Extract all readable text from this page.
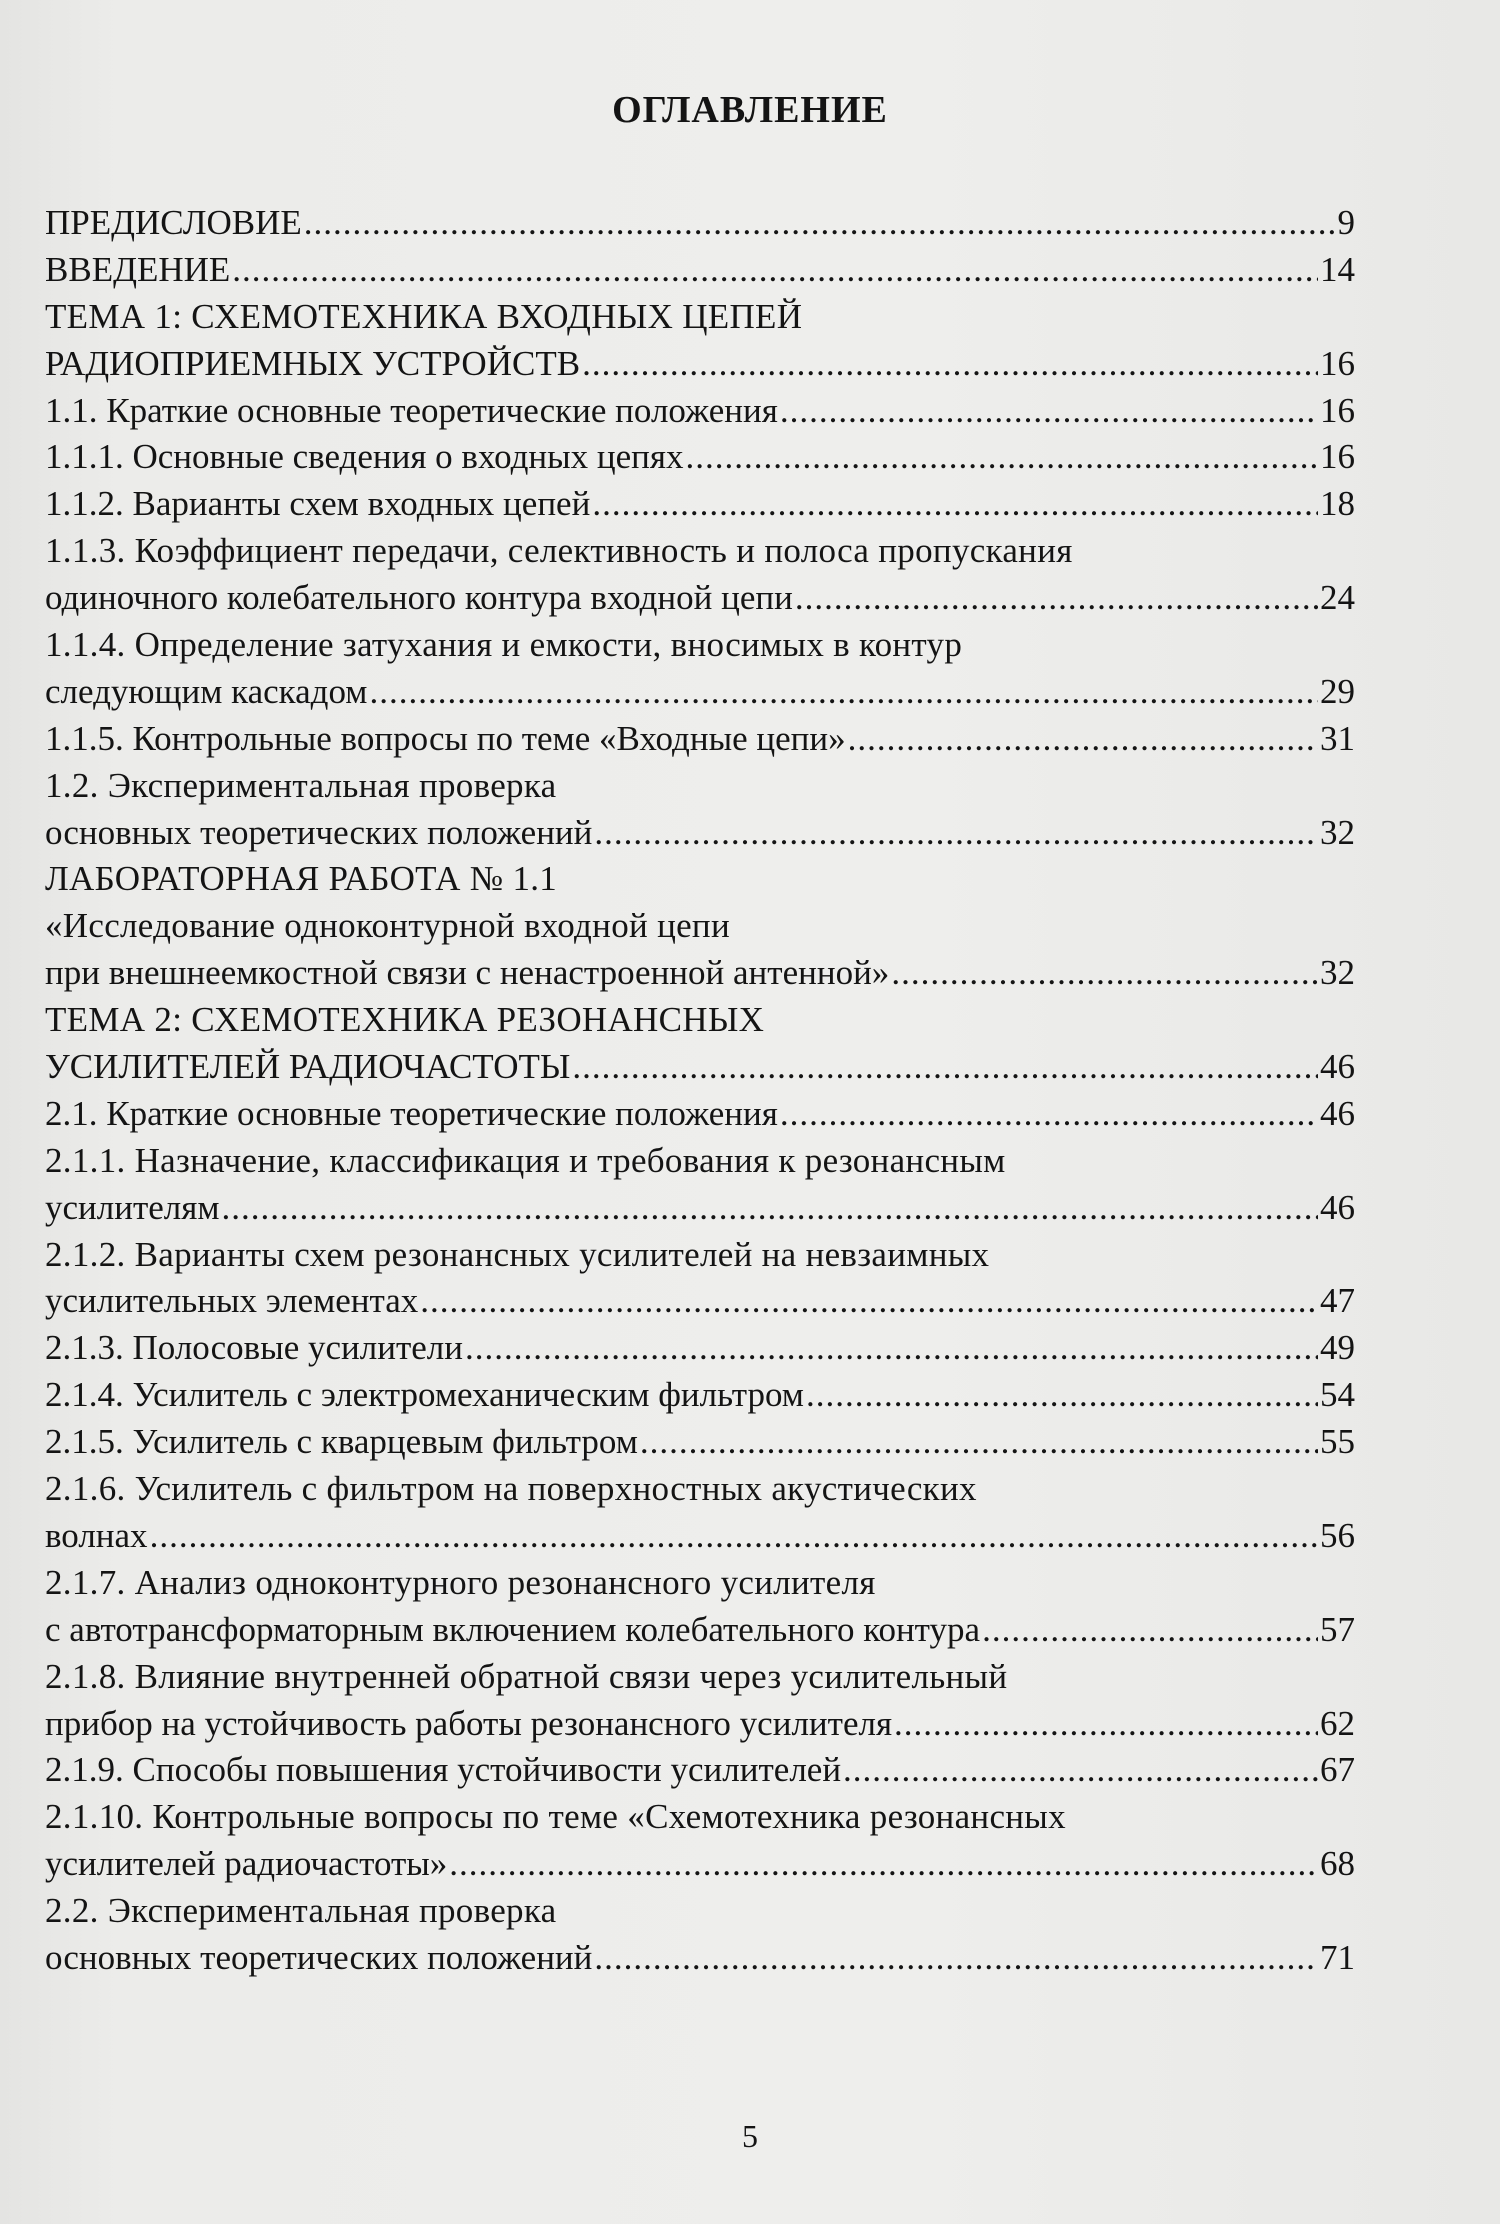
ОГЛАВЛЕНИЕ
ПРЕДИСЛОВИЕ .....	9
ВВЕДЕНИЕ .....	14
ТЕМА 1: СХЕМОТЕХНИКА ВХОДНЫХ ЦЕПЕЙ
РАДИОПРИЕМНЫХ УСТРОЙСТВ .....	16
1.1. Краткие основные теоретические положения .....	16
1.1.1. Основные сведения о входных цепях .....	16
1.1.2. Варианты схем входных цепей .....	18
1.1.3. Коэффициент передачи, селективность и полоса пропускания
одиночного колебательного контура входной цепи .....	24
1.1.4. Определение затухания и емкости, вносимых в контур
следующим каскадом .....	29
1.1.5. Контрольные вопросы по теме «Входные цепи» .....	31
1.2. Экспериментальная проверка
основных теоретических положений .....	32
ЛАБОРАТОРНАЯ РАБОТА № 1.1
«Исследование одноконтурной входной цепи
при внешнеемкостной связи с ненастроенной антенной» .....	32
ТЕМА 2: СХЕМОТЕХНИКА РЕЗОНАНСНЫХ
УСИЛИТЕЛЕЙ РАДИОЧАСТОТЫ .....	46
2.1. Краткие основные теоретические положения .....	46
2.1.1. Назначение, классификация и требования к резонансным
усилителям .....	46
2.1.2. Варианты схем резонансных усилителей на невзаимных
усилительных элементах .....	47
2.1.3. Полосовые усилители .....	49
2.1.4. Усилитель с электромеханическим фильтром .....	54
2.1.5. Усилитель с кварцевым фильтром .....	55
2.1.6. Усилитель с фильтром на поверхностных акустических
волнах .....	56
2.1.7. Анализ одноконтурного резонансного усилителя
с автотрансформаторным включением колебательного контура .....	57
2.1.8. Влияние внутренней обратной связи через усилительный
прибор на устойчивость работы резонансного усилителя .....	62
2.1.9. Способы повышения устойчивости усилителей .....	67
2.1.10. Контрольные вопросы по теме «Схемотехника резонансных
усилителей радиочастоты» .....	68
2.2. Экспериментальная проверка
основных теоретических положений .....	71
5
